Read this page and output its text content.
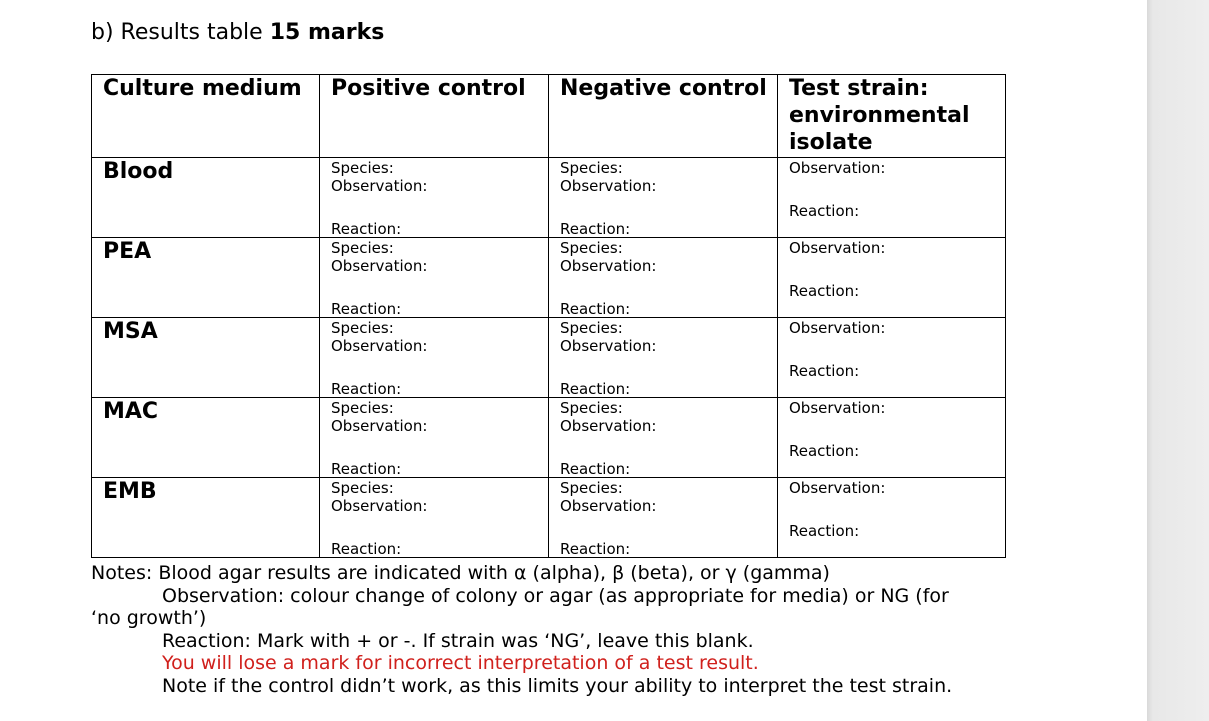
b) Results table 15 marks
Culture medium	Positive control	Negative control	Test strain: environmental isolate
Blood	Species:
Observation:
Reaction:	Species:
Observation:
Reaction:	Observation:
Reaction:

PEA	Species:
Observation:
Reaction:	Species:
Observation:
Reaction:	Observation:
Reaction:

MSA	Species:
Observation:
Reaction:	Species:
Observation:
Reaction:	Observation:
Reaction:

MAC	Species:
Observation:
Reaction:	Species:
Observation:
Reaction:	Observation:
Reaction:

EMB	Species:
Observation:
Reaction:	Species:
Observation:
Reaction:	Observation:
Reaction:
Notes: Blood agar results are indicated with α (alpha), β (beta), or γ (gamma)
Observation: colour change of colony or agar (as appropriate for media) or NG (for
‘no growth’)
Reaction: Mark with + or -. If strain was ‘NG’, leave this blank.
You will lose a mark for incorrect interpretation of a test result.
Note if the control didn’t work, as this limits your ability to interpret the test strain.
